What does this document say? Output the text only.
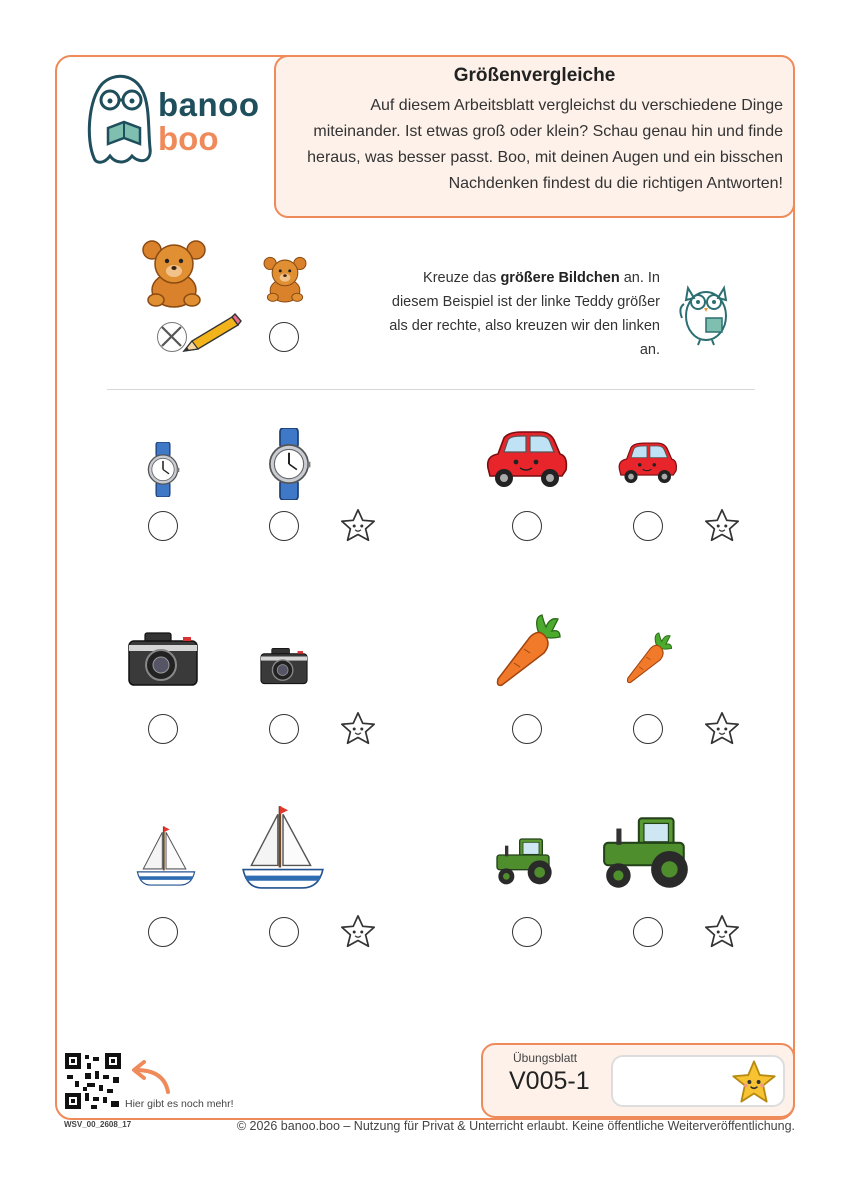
banoo
boo
Größenvergleiche

Auf diesem Arbeitsblatt vergleichst du verschiedene Dinge miteinander. Ist etwas groß oder klein? Schau genau hin und finde heraus, was besser passt. Boo, mit deinen Augen und ein bisschen Nachdenken findest du die richtigen Antworten!

Kreuze das größere Bildchen an. In diesem Beispiel ist der linke Teddy größer als der rechte, also kreuzen wir den linken an.
Hier gibt es noch mehr!
WSV_00_2608_17
Übungsblatt
V005-1
© 2026 banoo.boo – Nutzung für Privat & Unterricht erlaubt. Keine öffentliche Weiterveröffentlichung.
